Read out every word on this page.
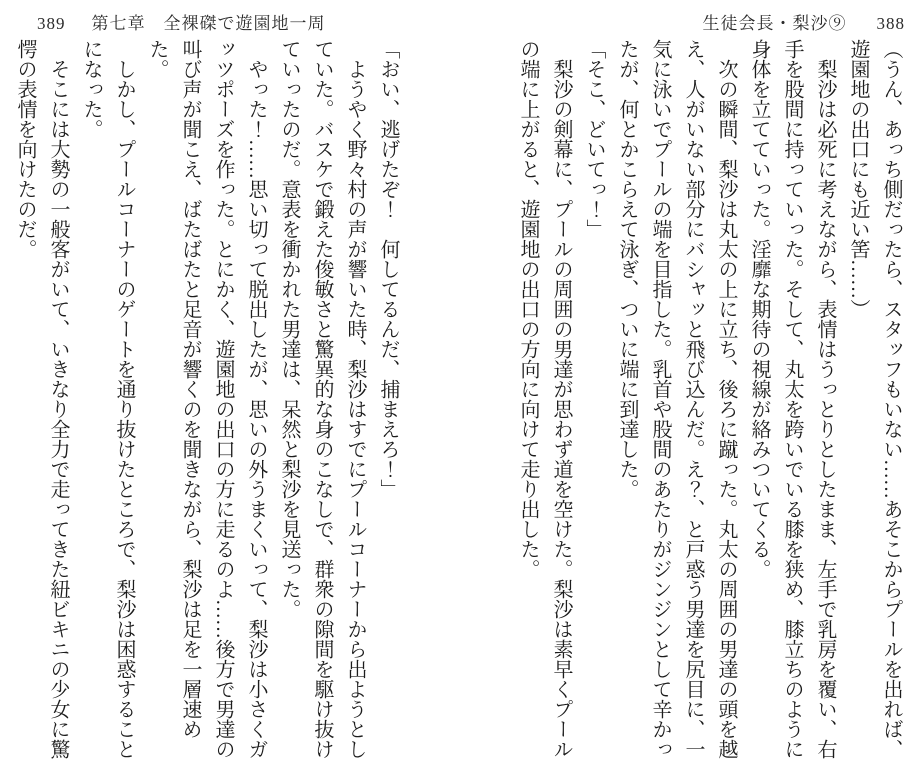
389 第七章　全裸磔で遊園地一周	生徒会長・梨沙⑨ 388

「おい、逃げたぞ！　何してるんだ、捕まえろ！」

　ようやく野々村の声が響いた時、梨沙はすでにプールコーナーから出ようとしていた。バスケで鍛えた俊敏さと驚異的な身のこなしで、群衆の隙間を駆け抜けていったのだ。意表を衝かれた男達は、呆然と梨沙を見送った。

　やった！……思い切って脱出したが、思いの外うまくいって、梨沙は小さくガッツポーズを作った。とにかく、遊園地の出口の方に走るのよ……後方で男達の叫び声が聞こえ、ばたばたと足音が響くのを聞きながら、梨沙は足を一層速めた。

　しかし、プールコーナーのゲートを通り抜けたところで、梨沙は困惑することになった。

　そこには大勢の一般客がいて、いきなり全力で走ってきた紐ビキニの少女に驚愕の表情を向けたのだ。	（うん、あっち側だったら、スタッフもいない……あそこからプールを出れば、遊園地の出口にも近い筈……）

　梨沙は必死に考えながら、表情はうっとりとしたまま、左手で乳房を覆い、右手を股間に持っていった。そして、丸太を跨いでいる膝を狭め、膝立ちのように身体を立てていった。淫靡な期待の視線が絡みついてくる。

　次の瞬間、梨沙は丸太の上に立ち、後ろに蹴った。丸太の周囲の男達の頭を越え、人がいない部分にバシャッと飛び込んだ。え？、と戸惑う男達を尻目に、一気に泳いでプールの端を目指した。乳首や股間のあたりがジンジンとして辛かったが、何とかこらえて泳ぎ、ついに端に到達した。

「そこ、どいてっ！」

　梨沙の剣幕に、プールの周囲の男達が思わず道を空けた。梨沙は素早くプールの端に上がると、遊園地の出口の方向に向けて走り出した。
